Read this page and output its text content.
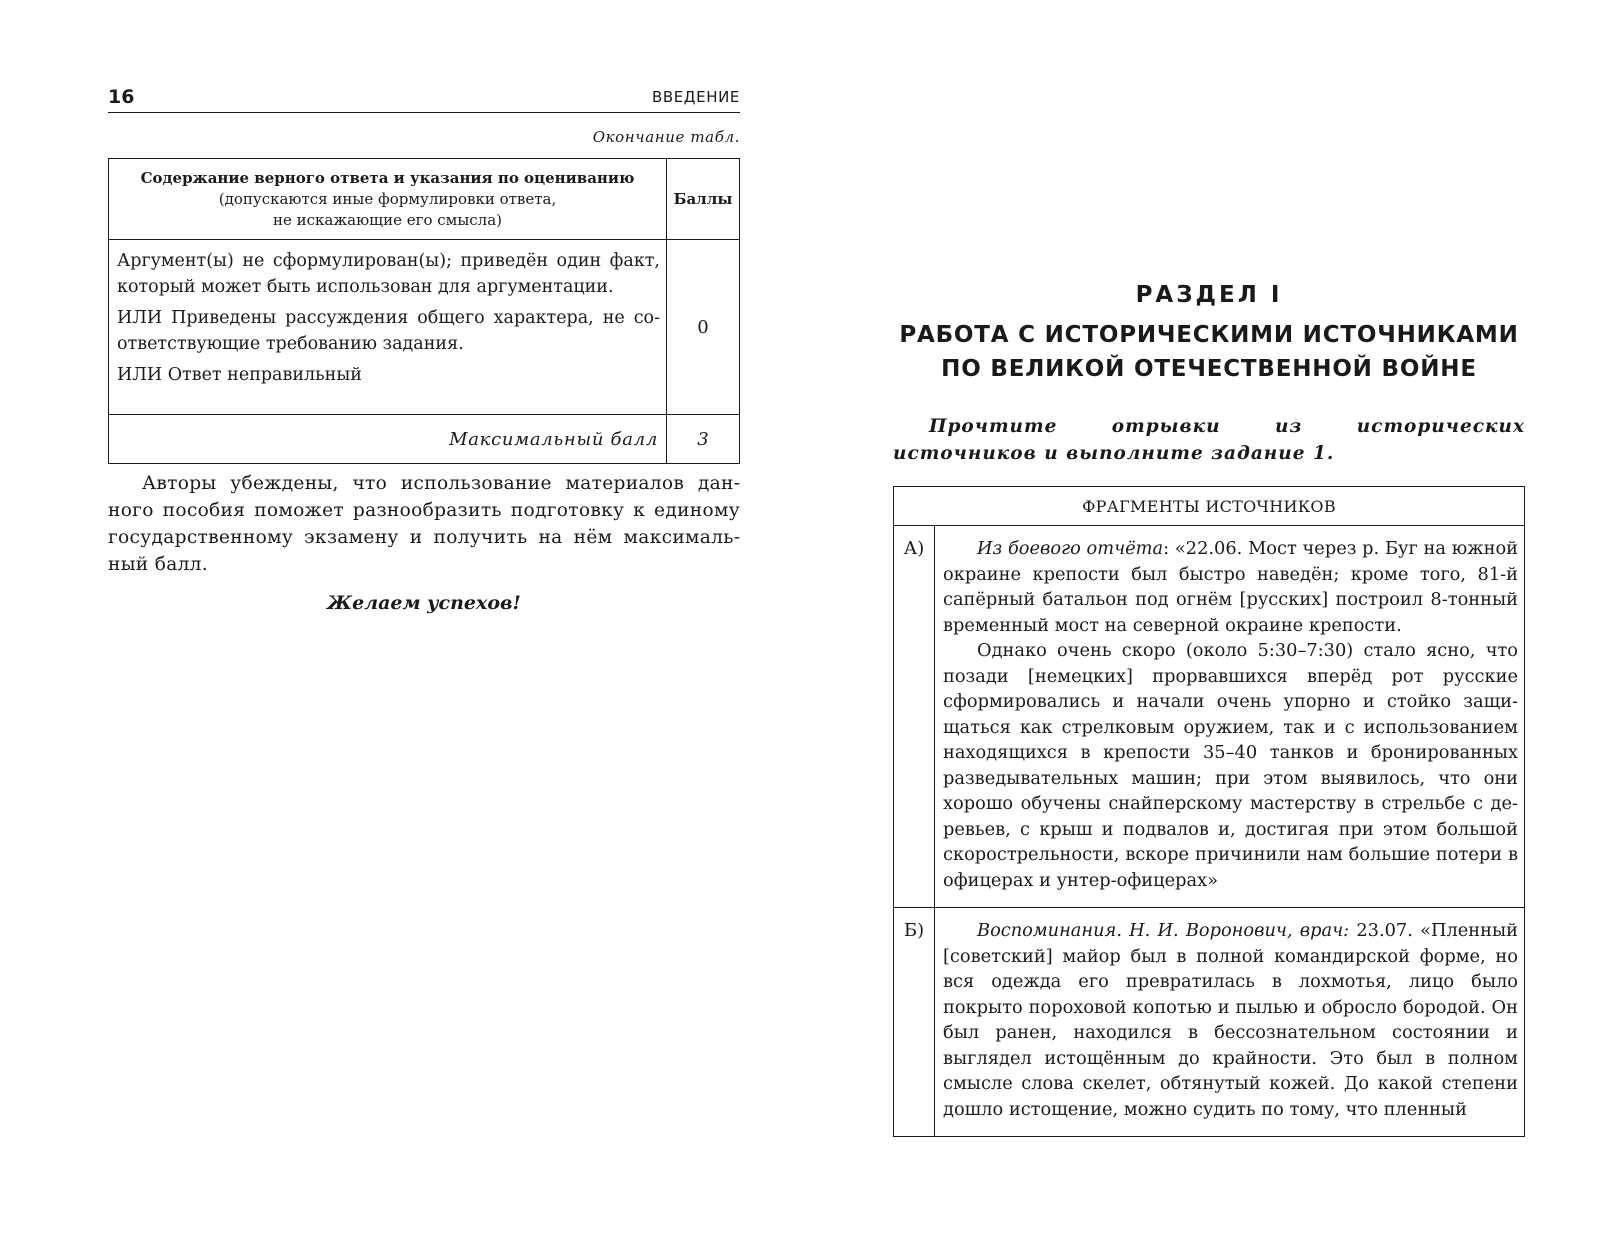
16	ВВЕДЕНИЕ
Окончание табл.
Содержание верного ответа и указания по оцениванию
(допускаются иные формулировки ответа,
не искажающие его смысла)	Баллы

Аргумент(ы) не сформулирован(ы); приведён один факт, который может быть использован для аргументации.

ИЛИ Приведены рассуждения общего характера, не соответствующие требованию задания.

ИЛИ Ответ неправильный	0
Максимальный балл	3

Авторы убеждены, что использование материалов данного пособия поможет разнообразить подготовку к единому государственному экзамену и получить на нём максимальный балл.

Желаем успехов!

РАЗДЕЛ I
РАБОТА С ИСТОРИЧЕСКИМИ ИСТОЧНИКАМИ
ПО ВЕЛИКОЙ ОТЕЧЕСТВЕННОЙ ВОЙНЕ

Прочтите отрывки из исторических источников и выполните задание 1.

ФРАГМЕНТЫ ИСТОЧНИКОВ	
А)	Из боевого отчёта: «22.06. Мост через р. Буг на южной окраине крепости был быстро наведён; кроме того, 81-й сапёрный батальон под огнём [русских] построил 8-тонный временный мост на северной окраине крепости.

Однако очень скоро (около 5:30–7:30) стало ясно, что позади [немецких] прорвавшихся вперёд рот русские сформировались и начали очень упорно и стойко защищаться как стрелковым оружием, так и с использованием находящихся в крепости 35–40 танков и бронированных разведывательных машин; при этом выявилось, что они хорошо обучены снайперскому мастерству в стрельбе с деревьев, с крыш и подвалов и, достигая при этом большой скорострельности, вскоре причинили нам большие потери в офицерах и унтер-офицерах»

Б)	Воспоминания. Н. И. Воронович, врач: 23.07. «Пленный [советский] майор был в полной командирской форме, но вся одежда его превратилась в лохмотья, лицо было покрыто пороховой копотью и пылью и обросло бородой. Он был ранен, находился в бессознательном состоянии и выглядел истощённым до крайности. Это был в полном смысле слова скелет, обтянутый кожей. До какой степени дошло истощение, можно судить по тому, что пленный
